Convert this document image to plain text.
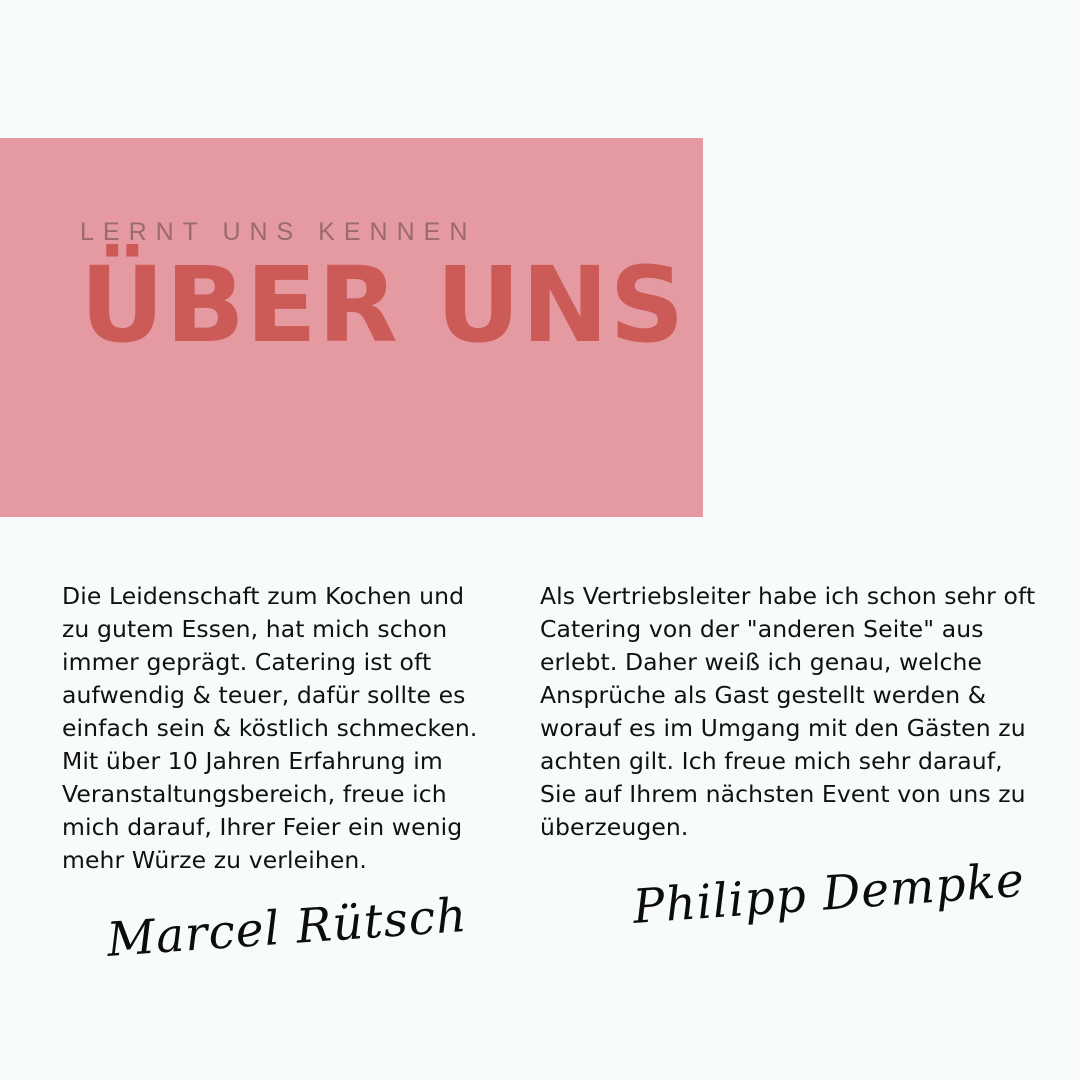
LERNT UNS KENNEN
ÜBER UNS

Die Leidenschaft zum Kochen und zu gutem Essen, hat mich schon immer geprägt. Catering ist oft aufwendig & teuer, dafür sollte es einfach sein & köstlich schmecken. Mit über 10 Jahren Erfahrung im Veranstaltungsbereich, freue ich mich darauf, Ihrer Feier ein wenig mehr Würze zu verleihen.

Marcel Rütsch

Als Vertriebsleiter habe ich schon sehr oft Catering von der "anderen Seite" aus erlebt. Daher weiß ich genau, welche Ansprüche als Gast gestellt werden & worauf es im Umgang mit den Gästen zu achten gilt. Ich freue mich sehr darauf, Sie auf Ihrem nächsten Event von uns zu überzeugen.

Philipp Dempke
